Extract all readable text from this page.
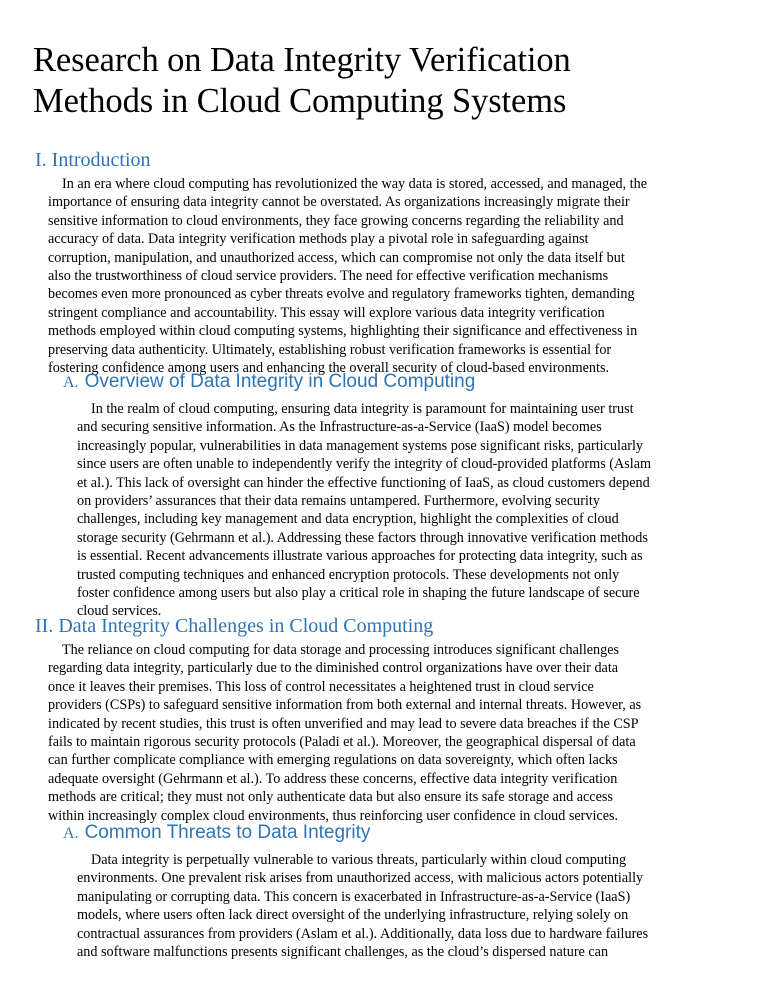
Research on Data Integrity Verification
Methods in Cloud Computing Systems
I. Introduction
In an era where cloud computing has revolutionized the way data is stored, accessed, and managed, the
importance of ensuring data integrity cannot be overstated. As organizations increasingly migrate their
sensitive information to cloud environments, they face growing concerns regarding the reliability and
accuracy of data. Data integrity verification methods play a pivotal role in safeguarding against
corruption, manipulation, and unauthorized access, which can compromise not only the data itself but
also the trustworthiness of cloud service providers. The need for effective verification mechanisms
becomes even more pronounced as cyber threats evolve and regulatory frameworks tighten, demanding
stringent compliance and accountability. This essay will explore various data integrity verification
methods employed within cloud computing systems, highlighting their significance and effectiveness in
preserving data authenticity. Ultimately, establishing robust verification frameworks is essential for
fostering confidence among users and enhancing the overall security of cloud-based environments.
A. Overview of Data Integrity in Cloud Computing
In the realm of cloud computing, ensuring data integrity is paramount for maintaining user trust
and securing sensitive information. As the Infrastructure-as-a-Service (IaaS) model becomes
increasingly popular, vulnerabilities in data management systems pose significant risks, particularly
since users are often unable to independently verify the integrity of cloud-provided platforms (Aslam
et al.). This lack of oversight can hinder the effective functioning of IaaS, as cloud customers depend
on providers’ assurances that their data remains untampered. Furthermore, evolving security
challenges, including key management and data encryption, highlight the complexities of cloud
storage security (Gehrmann et al.). Addressing these factors through innovative verification methods
is essential. Recent advancements illustrate various approaches for protecting data integrity, such as
trusted computing techniques and enhanced encryption protocols. These developments not only
foster confidence among users but also play a critical role in shaping the future landscape of secure
cloud services.
II. Data Integrity Challenges in Cloud Computing
The reliance on cloud computing for data storage and processing introduces significant challenges
regarding data integrity, particularly due to the diminished control organizations have over their data
once it leaves their premises. This loss of control necessitates a heightened trust in cloud service
providers (CSPs) to safeguard sensitive information from both external and internal threats. However, as
indicated by recent studies, this trust is often unverified and may lead to severe data breaches if the CSP
fails to maintain rigorous security protocols (Paladi et al.). Moreover, the geographical dispersal of data
can further complicate compliance with emerging regulations on data sovereignty, which often lacks
adequate oversight (Gehrmann et al.). To address these concerns, effective data integrity verification
methods are critical; they must not only authenticate data but also ensure its safe storage and access
within increasingly complex cloud environments, thus reinforcing user confidence in cloud services.
A. Common Threats to Data Integrity
Data integrity is perpetually vulnerable to various threats, particularly within cloud computing
environments. One prevalent risk arises from unauthorized access, with malicious actors potentially
manipulating or corrupting data. This concern is exacerbated in Infrastructure-as-a-Service (IaaS)
models, where users often lack direct oversight of the underlying infrastructure, relying solely on
contractual assurances from providers (Aslam et al.). Additionally, data loss due to hardware failures
and software malfunctions presents significant challenges, as the cloud’s dispersed nature can
